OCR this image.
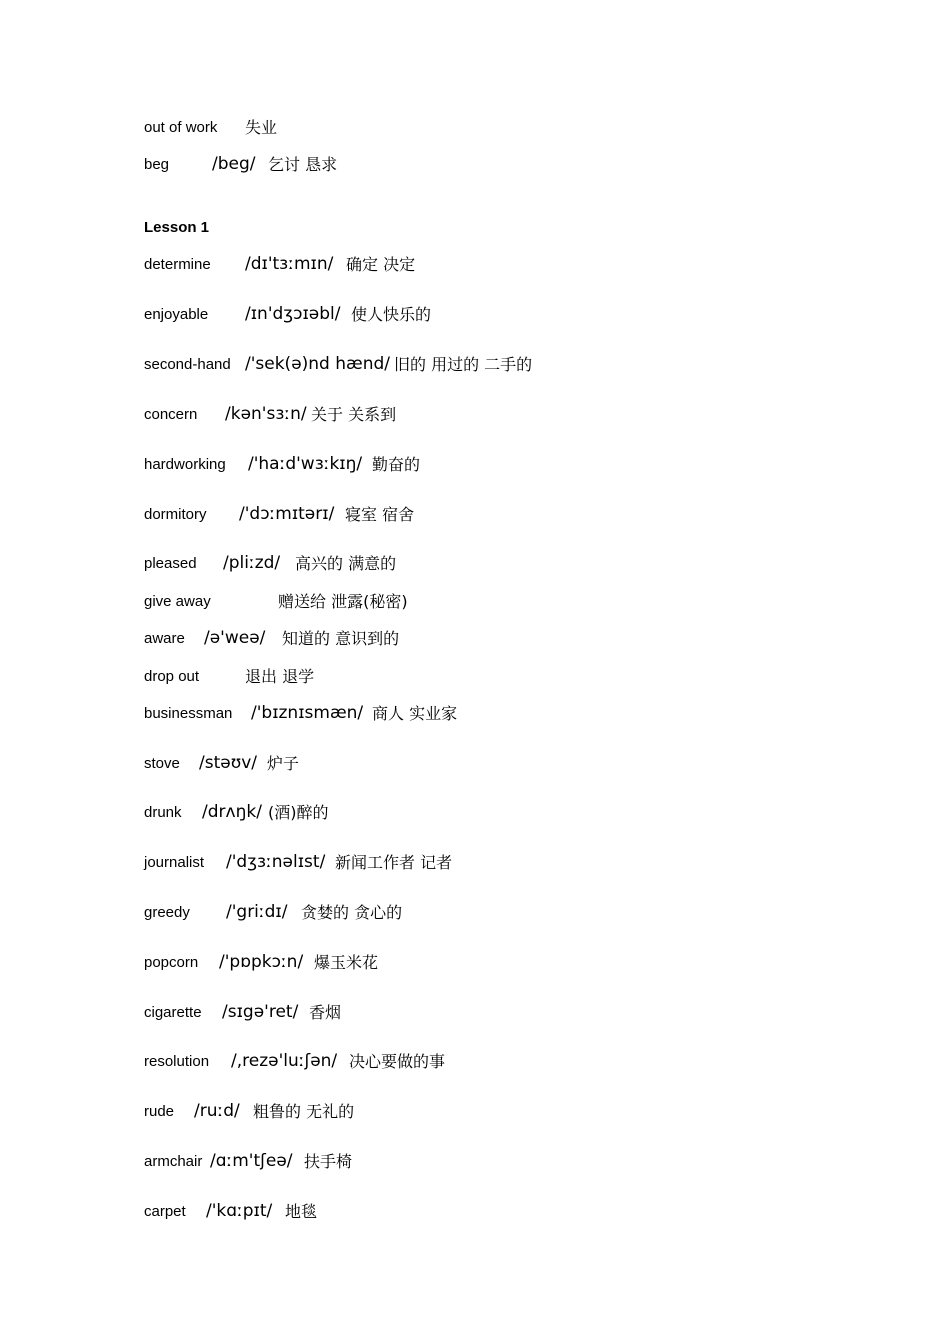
out of work 失业
beg	/beg/ 乞讨 恳求
Lesson 1
determine /dɪ'tɜːmɪn/ 确定 决定
enjoyable /ɪn'dʒɔɪəbl/ 使人快乐的
second-hand /'sek(ə)nd hænd/ 旧的 用过的 二手的
concern /kən'sɜːn/ 关于 关系到
hardworking /'haːd'wɜːkɪŋ/ 勤奋的
dormitory /'dɔːmɪtərɪ/ 寝室 宿舍
pleased /pliːzd/ 高兴的 满意的
give away	赠送给 泄露(秘密)
aware /ə'weə/ 知道的 意识到的
drop out	退出 退学
businessman /'bɪznɪsmæn/ 商人 实业家
stove /stəʊv/ 炉子
drunk /drʌŋk/ (酒)醉的
journalist /'dʒɜːnəlɪst/ 新闻工作者 记者
greedy /'griːdɪ/ 贪婪的 贪心的
popcorn /'pɒpkɔːn/ 爆玉米花
cigarette /sɪgə'ret/ 香烟
resolution /,rezə'luːʃən/ 决心要做的事
rude /ruːd/ 粗鲁的 无礼的
armchair /ɑːm'tʃeə/ 扶手椅
carpet /'kɑːpɪt/ 地毯
